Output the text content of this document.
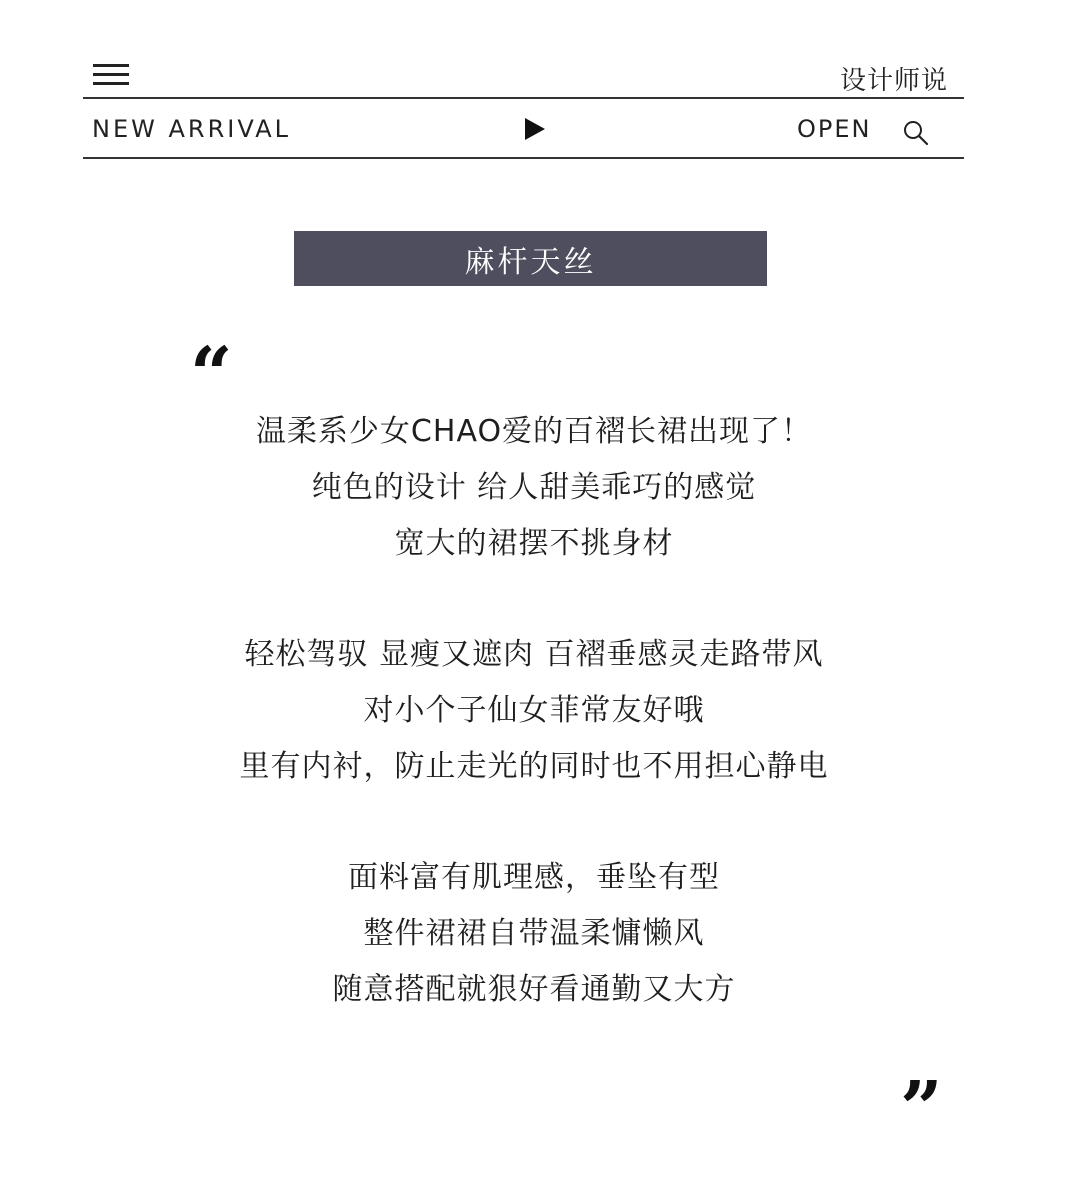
设计师说
NEW ARRIVAL	OPEN
麻杆天丝
“
温柔系少女CHAO爱的百褶长裙出现了！
纯色的设计 给人甜美乖巧的感觉
宽大的裙摆不挑身材
轻松驾驭 显瘦又遮肉 百褶垂感灵走路带风
对小个子仙女菲常友好哦
里有内衬，防止走光的同时也不用担心静电
面料富有肌理感，垂坠有型
整件裙裙自带温柔慵懒风
随意搭配就狠好看通勤又大方
”
